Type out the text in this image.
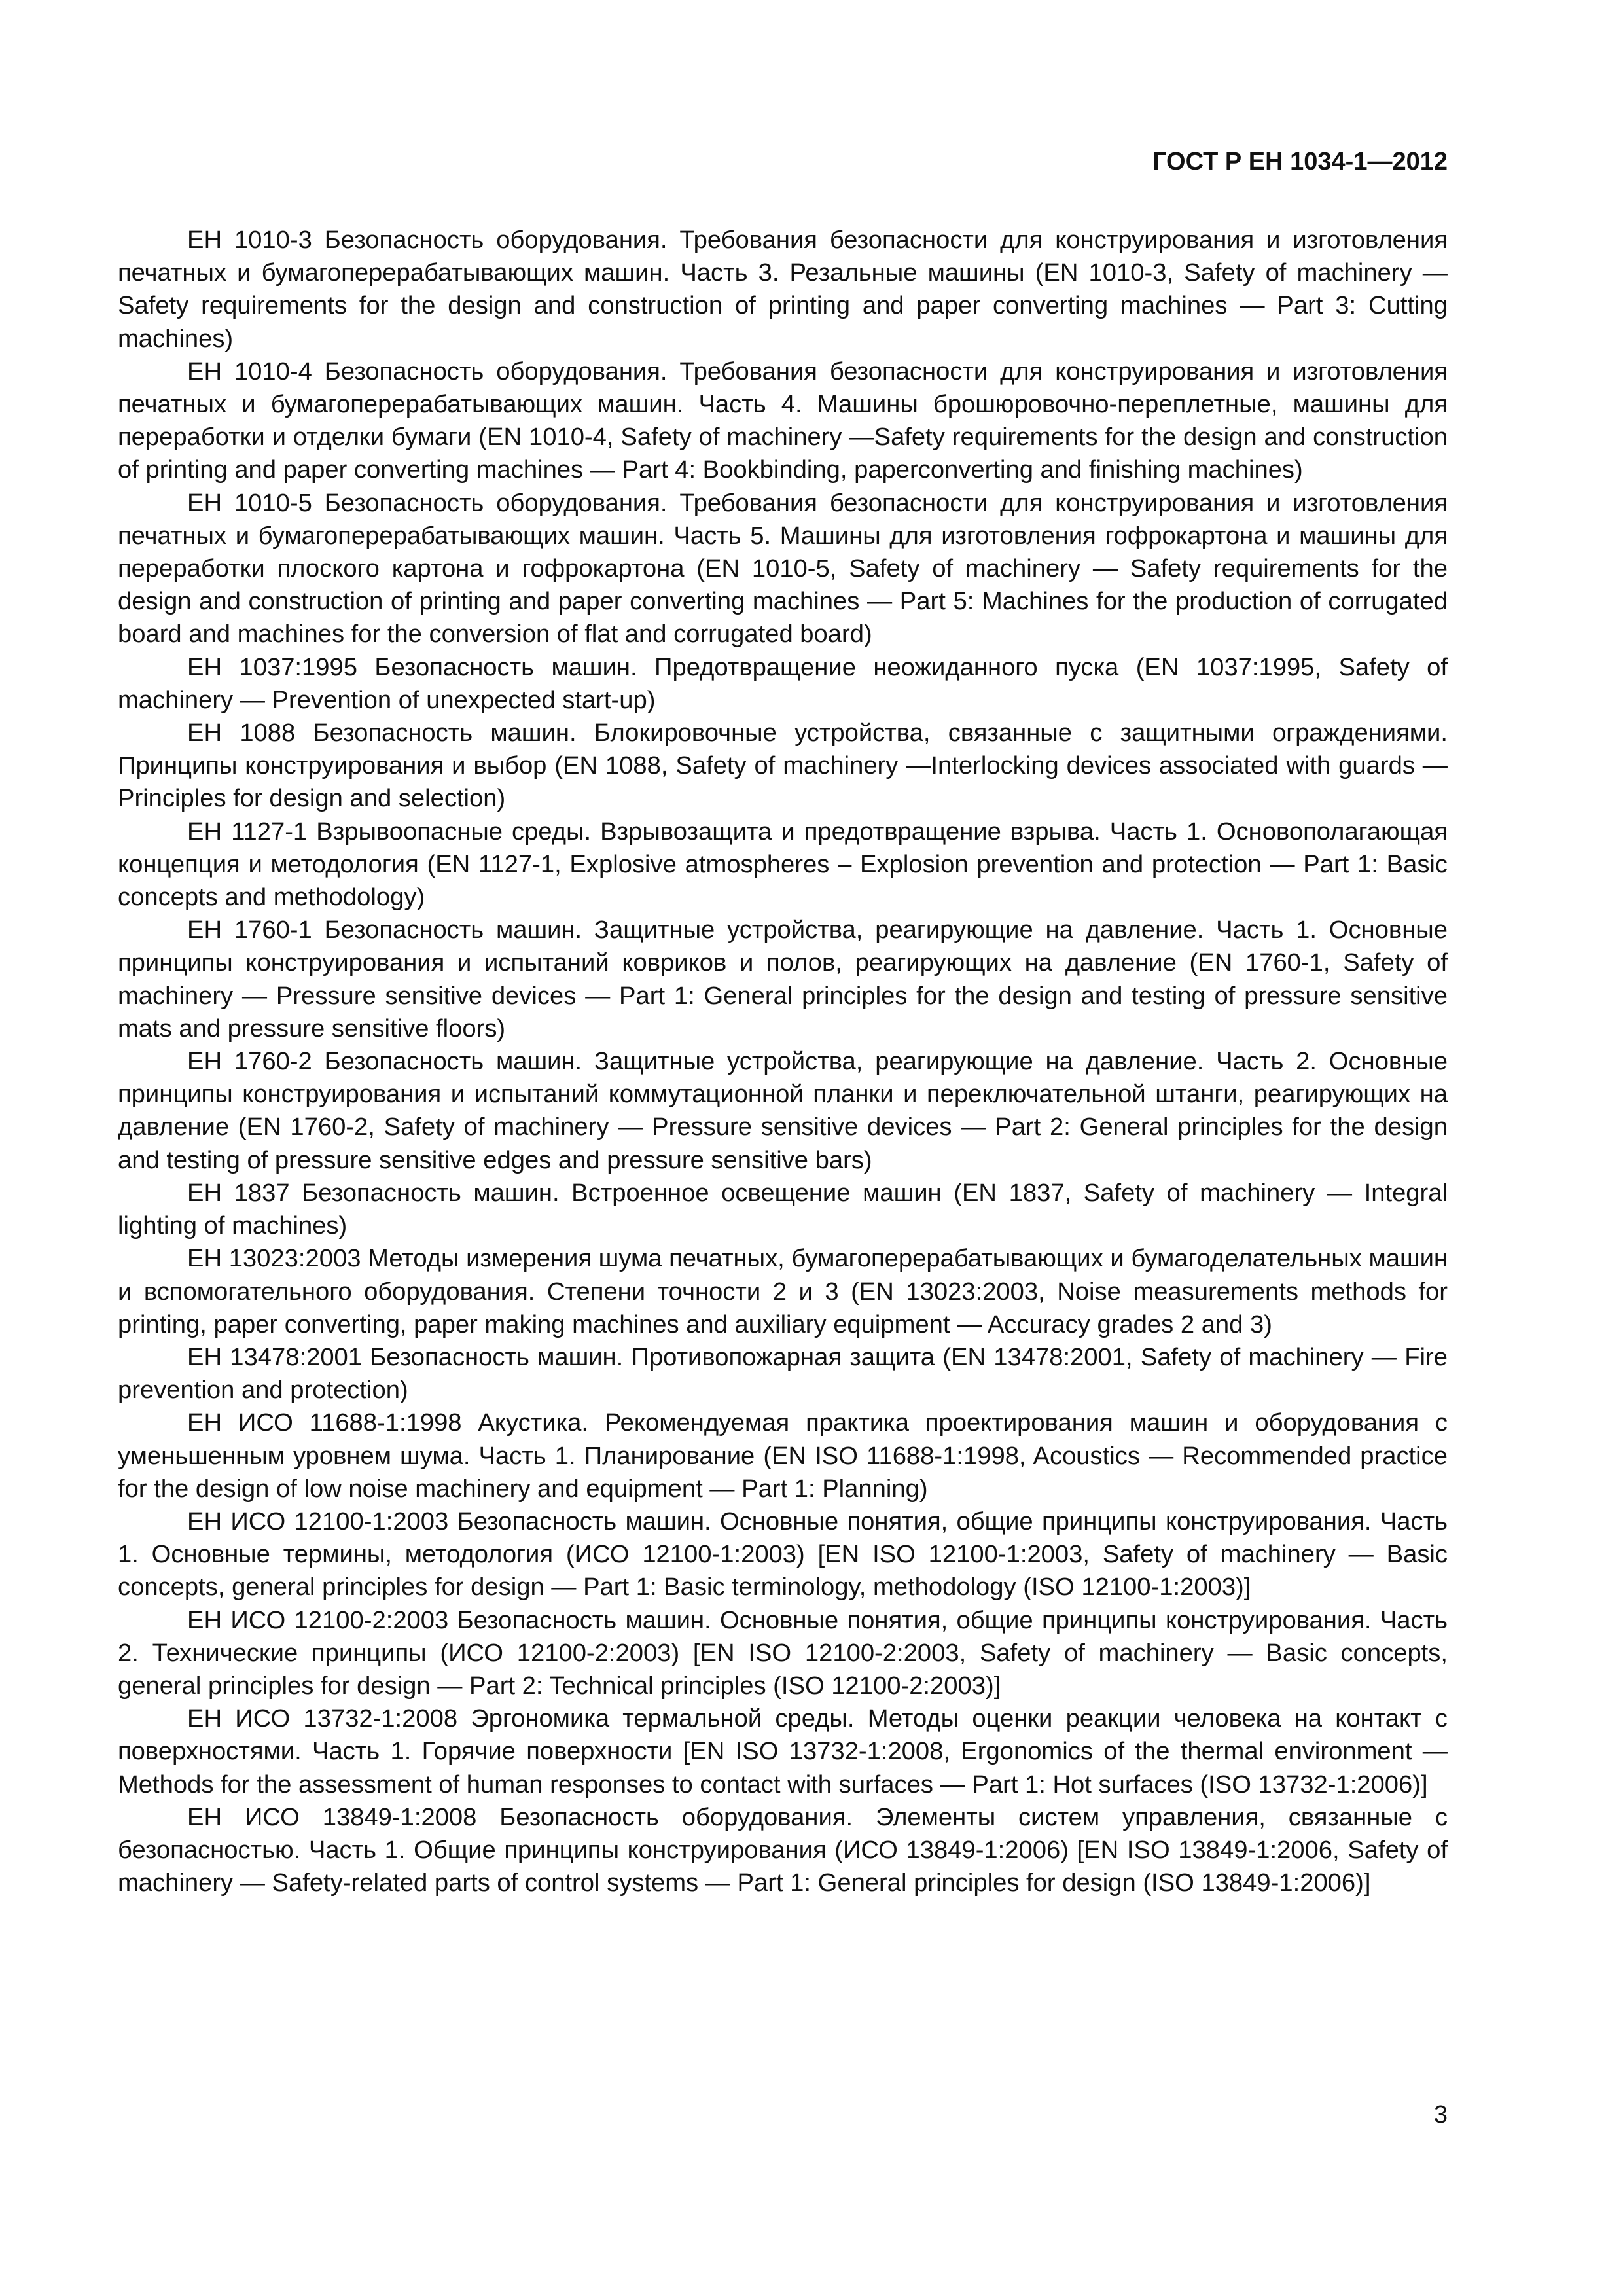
ГОСТ Р ЕН 1034-1—2012

ЕН 1010-3 Безопасность оборудования. Требования безопасности для конструирования и изготовления печатных и бумагоперерабатывающих машин. Часть 3. Резальные машины (EN 1010-3, Safety of machinery — Safety requirements for the design and construction of printing and paper converting machines — Part 3: Cutting machines)

ЕН 1010-4 Безопасность оборудования. Требования безопасности для конструирования и изготовления печатных и бумагоперерабатывающих машин. Часть 4. Машины брошюровочно-переплетные, машины для переработки и отделки бумаги (EN 1010-4, Safety of machinery —Safety requirements for the design and construction of printing and paper converting machines — Part 4: Bookbinding, paperconverting and finishing machines)

ЕН 1010-5 Безопасность оборудования. Требования безопасности для конструирования и изготовления печатных и бумагоперерабатывающих машин. Часть 5. Машины для изготовления гофрокартона и машины для переработки плоского картона и гофрокартона (EN 1010-5, Safety of machinery — Safety requirements for the design and construction of printing and paper converting machines — Part 5: Machines for the production of corrugated board and machines for the conversion of flat and corrugated board)

ЕН 1037:1995 Безопасность машин. Предотвращение неожиданного пуска (EN 1037:1995, Safety of machinery — Prevention of unexpected start-up)

ЕН 1088 Безопасность машин. Блокировочные устройства, связанные с защитными ограждениями. Принципы конструирования и выбор (EN 1088, Safety of machinery —Interlocking devices associated with guards — Principles for design and selection)

ЕН 1127-1 Взрывоопасные среды. Взрывозащита и предотвращение взрыва. Часть 1. Основополагающая концепция и методология (EN 1127-1, Explosive atmospheres – Explosion prevention and protection — Part 1: Basic concepts and methodology)

ЕН 1760-1 Безопасность машин. Защитные устройства, реагирующие на давление. Часть 1. Основные принципы конструирования и испытаний ковриков и полов, реагирующих на давление (EN 1760-1, Safety of machinery — Pressure sensitive devices — Part 1: General principles for the design and testing of pressure sensitive mats and pressure sensitive floors)

ЕН 1760-2 Безопасность машин. Защитные устройства, реагирующие на давление. Часть 2. Основные принципы конструирования и испытаний коммутационной планки и переключательной штанги, реагирующих на давление (EN 1760-2, Safety of machinery — Pressure sensitive devices — Part 2: General principles for the design and testing of pressure sensitive edges and pressure sensitive bars)

ЕН 1837 Безопасность машин. Встроенное освещение машин (EN 1837, Safety of machinery — Integral lighting of machines)

ЕН 13023:2003 Методы измерения шума печатных, бумагоперерабатывающих и бумагоделательных машин и вспомогательного оборудования. Степени точности 2 и 3 (EN 13023:2003, Noise measurements methods for printing, paper converting, paper making machines and auxiliary equipment — Accuracy grades 2 and 3)

ЕН 13478:2001 Безопасность машин. Противопожарная защита (EN 13478:2001, Safety of machinery — Fire prevention and protection)

ЕН ИСО 11688-1:1998 Акустика. Рекомендуемая практика проектирования машин и оборудования с уменьшенным уровнем шума. Часть 1. Планирование (EN ISO 11688-1:1998, Acoustics — Recommended practice for the design of low noise machinery and equipment — Part 1: Planning)

ЕН ИСО 12100-1:2003 Безопасность машин. Основные понятия, общие принципы конструирования. Часть 1. Основные термины, методология (ИСО 12100-1:2003) [EN ISO 12100-1:2003, Safety of machinery — Basic concepts, general principles for design — Part 1: Basic terminology, methodology (ISO 12100-1:2003)]

ЕН ИСО 12100-2:2003 Безопасность машин. Основные понятия, общие принципы конструирования. Часть 2. Технические принципы (ИСО 12100-2:2003) [EN ISO 12100-2:2003, Safety of machinery — Basic concepts, general principles for design — Part 2: Technical principles (ISO 12100-2:2003)]

ЕН ИСО 13732-1:2008 Эргономика термальной среды. Методы оценки реакции человека на контакт с поверхностями. Часть 1. Горячие поверхности [EN ISO 13732-1:2008, Ergonomics of the thermal environment — Methods for the assessment of human responses to contact with surfaces — Part 1: Hot surfaces (ISO 13732-1:2006)]

ЕН ИСО 13849-1:2008 Безопасность оборудования. Элементы систем управления, связанные с безопасностью. Часть 1. Общие принципы конструирования (ИСО 13849-1:2006) [EN ISO 13849-1:2006, Safety of machinery — Safety-related parts of control systems — Part 1: General principles for design (ISO 13849-1:2006)]

3
